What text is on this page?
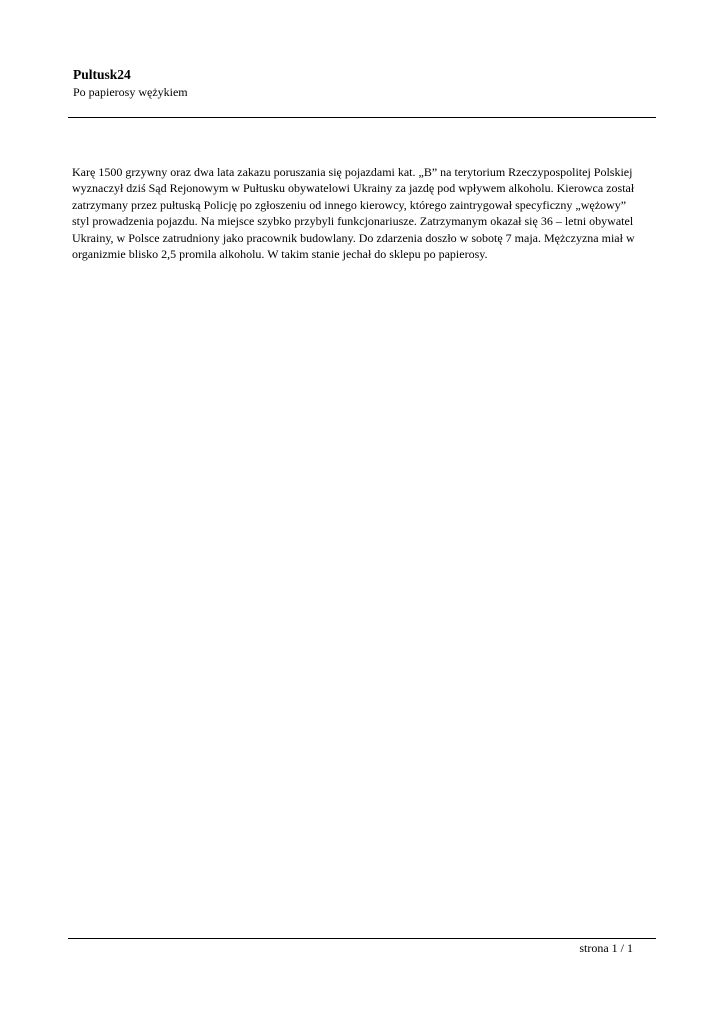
Pultusk24
Po papierosy wężykiem
Karę 1500 grzywny oraz dwa lata zakazu poruszania się pojazdami kat. „B” na terytorium Rzeczypospolitej Polskiej
wyznaczył dziś Sąd Rejonowym w Pułtusku obywatelowi Ukrainy za jazdę pod wpływem alkoholu. Kierowca został
zatrzymany przez pułtuską Policję po zgłoszeniu od innego kierowcy, którego zaintrygował specyficzny „wężowy”
styl prowadzenia pojazdu. Na miejsce szybko przybyli funkcjonariusze. Zatrzymanym okazał się 36 – letni obywatel
Ukrainy, w Polsce zatrudniony jako pracownik budowlany. Do zdarzenia doszło w sobotę 7 maja. Mężczyzna miał w
organizmie blisko 2,5 promila alkoholu. W takim stanie jechał do sklepu po papierosy.
strona 1 / 1
